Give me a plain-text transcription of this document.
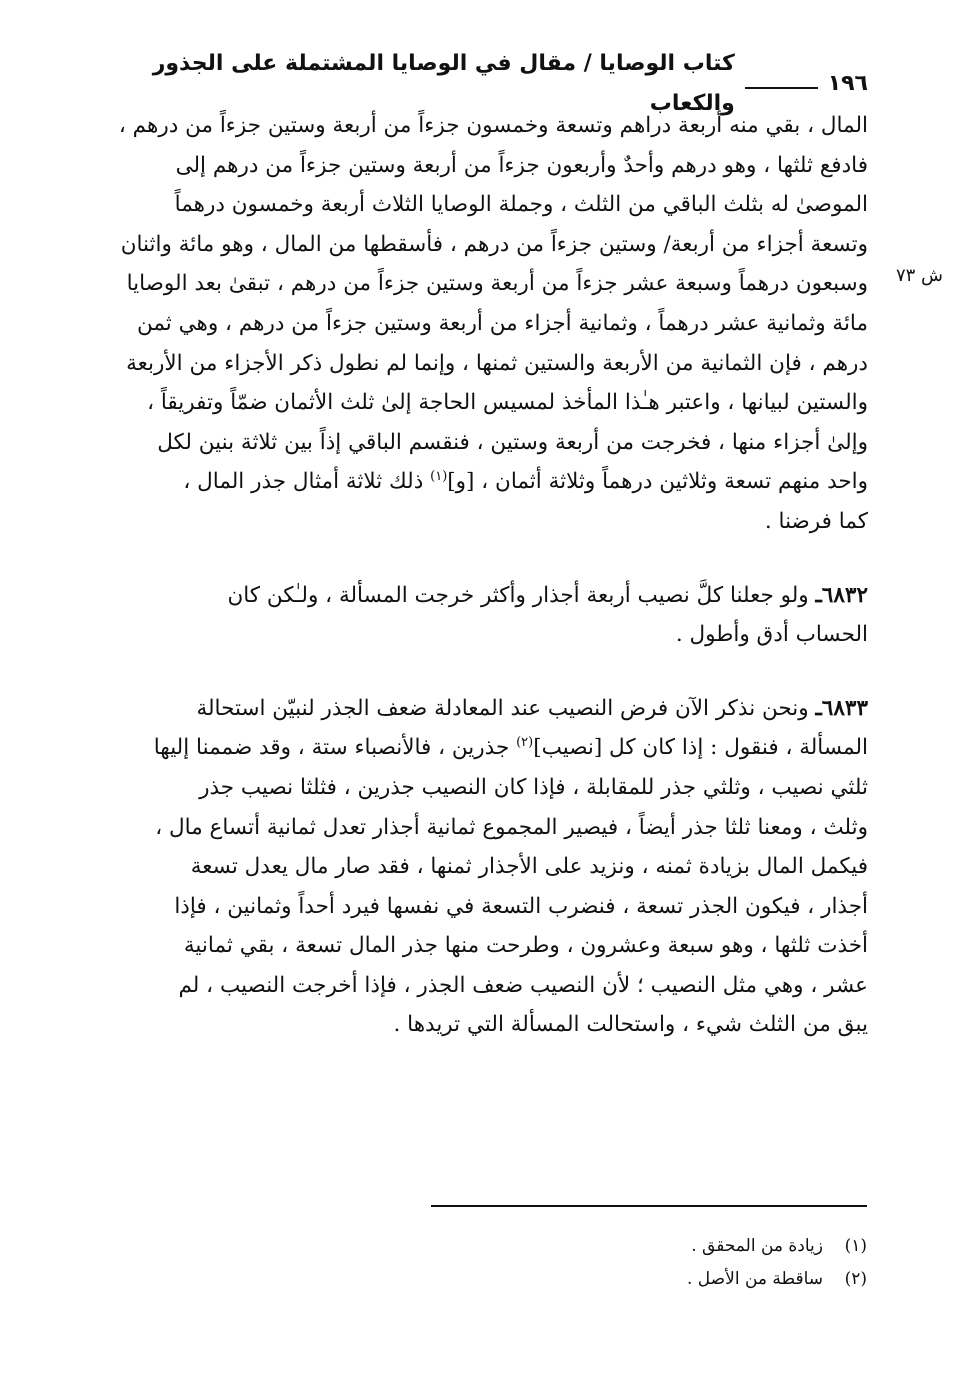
١٩٦
كتاب الوصايا / مقال في الوصايا المشتملة على الجذور والكعاب

المال ، بقي منه أربعة دراهم وتسعة وخمسون جزءاً من أربعة وستين جزءاً من درهم ،

فادفع ثلثها ، وهو درهم وأحدٌ وأربعون جزءاً من أربعة وستين جزءاً من درهم إلى

الموصىٰ له بثلث الباقي من الثلث ، وجملة الوصايا الثلاث أربعة وخمسون درهماً

وتسعة أجزاء من أربعة/ وستين جزءاً من درهم ، فأسقطها من المال ، وهو مائة واثنان

وسبعون درهماً وسبعة عشر جزءاً من أربعة وستين جزءاً من درهم ، تبقىٰ بعد الوصايا

مائة وثمانية عشر درهماً ، وثمانية أجزاء من أربعة وستين جزءاً من درهم ، وهي ثمن

درهم ، فإن الثمانية من الأربعة والستين ثمنها ، وإنما لم نطول ذكر الأجزاء من الأربعة

والستين لبيانها ، واعتبر هـٰذا المأخذ لمسيس الحاجة إلىٰ ثلث الأثمان ضمّاً وتفريقاً ،

وإلىٰ أجزاء منها ، فخرجت من أربعة وستين ، فنقسم الباقي إذاً بين ثلاثة بنين لكل

واحد منهم تسعة وثلاثين درهماً وثلاثة أثمان ، [و]$^{(١)}$ ذلك ثلاثة أمثال جذر المال ،

كما فرضنا .

٦٨٣٢ـ ولو جعلنا كلَّ نصيب أربعة أجذار وأكثر خرجت المسألة ، ولـٰكن كان

الحساب أدق وأطول .

٦٨٣٣ـ ونحن نذكر الآن فرض النصيب عند المعادلة ضعف الجذر لنبيّن استحالة

المسألة ، فنقول : إذا كان كل [نصيب]$^{(٢)}$ جذرين ، فالأنصباء ستة ، وقد ضممنا إليها

ثلثي نصيب ، وثلثي جذر للمقابلة ، فإذا كان النصيب جذرين ، فثلثا نصيب جذر

وثلث ، ومعنا ثلثا جذر أيضاً ، فيصير المجموع ثمانية أجذار تعدل ثمانية أتساع مال ،

فيكمل المال بزيادة ثمنه ، ونزيد على الأجذار ثمنها ، فقد صار مال يعدل تسعة

أجذار ، فيكون الجذر تسعة ، فنضرب التسعة في نفسها فيرد أحداً وثمانين ، فإذا

أخذت ثلثها ، وهو سبعة وعشرون ، وطرحت منها جذر المال تسعة ، بقي ثمانية

عشر ، وهي مثل النصيب ؛ لأن النصيب ضعف الجذر ، فإذا أخرجت النصيب ، لم

يبق من الثلث شيء ، واستحالت المسألة التي تريدها .

ش ٧٣
(١)زيادة من المحقق .
(٢)ساقطة من الأصل .
